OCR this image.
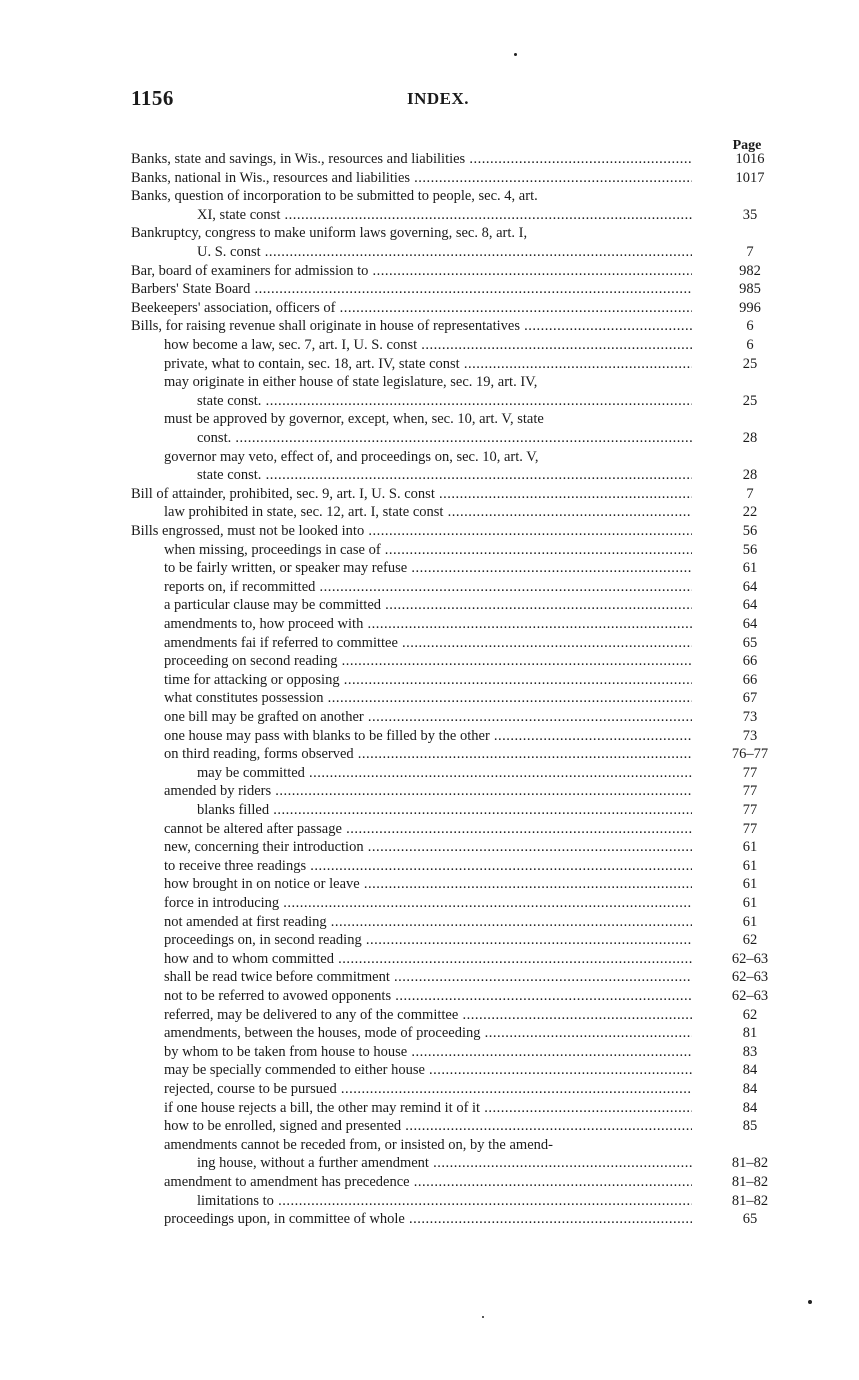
1156	INDEX.
Page
Banks, state and savings, in Wis., resources and liabilities .....	1016
Banks, national in Wis., resources and liabilities .....	1017
Banks, question of incorporation to be submitted to people, sec. 4, art.
XI, state const .....	35
Bankruptcy, congress to make uniform laws governing, sec. 8, art. I,
U. S. const .....	7
Bar, board of examiners for admission to .....	982
Barbers' State Board .....	985
Beekeepers' association, officers of .....	996
Bills, for raising revenue shall originate in house of representatives .....	6
how become a law, sec. 7, art. I, U. S. const .....	6
private, what to contain, sec. 18, art. IV, state const .....	25
may originate in either house of state legislature, sec. 19, art. IV,
state const. .....	25
must be approved by governor, except, when, sec. 10, art. V, state
const. .....	28
governor may veto, effect of, and proceedings on, sec. 10, art. V,
state const. .....	28
Bill of attainder, prohibited, sec. 9, art. I, U. S. const .....	7
law prohibited in state, sec. 12, art. I, state const .....	22
Bills engrossed, must not be looked into .....	56
when missing, proceedings in case of .....	56
to be fairly written, or speaker may refuse .....	61
reports on, if recommitted .....	64
a particular clause may be committed .....	64
amendments to, how proceed with .....	64
amendments fai if referred to committee .....	65
proceeding on second reading .....	66
time for attacking or opposing .....	66
what constitutes possession .....	67
one bill may be grafted on another .....	73
one house may pass with blanks to be filled by the other .....	73
on third reading, forms observed .....	76–77
may be committed .....	77
amended by riders .....	77
blanks filled .....	77
cannot be altered after passage .....	77
new, concerning their introduction .....	61
to receive three readings .....	61
how brought in on notice or leave .....	61
force in introducing .....	61
not amended at first reading .....	61
proceedings on, in second reading .....	62
how and to whom committed .....	62–63
shall be read twice before commitment .....	62–63
not to be referred to avowed opponents .....	62–63
referred, may be delivered to any of the committee .....	62
amendments, between the houses, mode of proceeding .....	81
by whom to be taken from house to house .....	83
may be specially commended to either house .....	84
rejected, course to be pursued .....	84
if one house rejects a bill, the other may remind it of it .....	84
how to be enrolled, signed and presented .....	85
amendments cannot be receded from, or insisted on, by the amend-
ing house, without a further amendment .....	81–82
amendment to amendment has precedence .....	81–82
limitations to .....	81–82
proceedings upon, in committee of whole .....	65
